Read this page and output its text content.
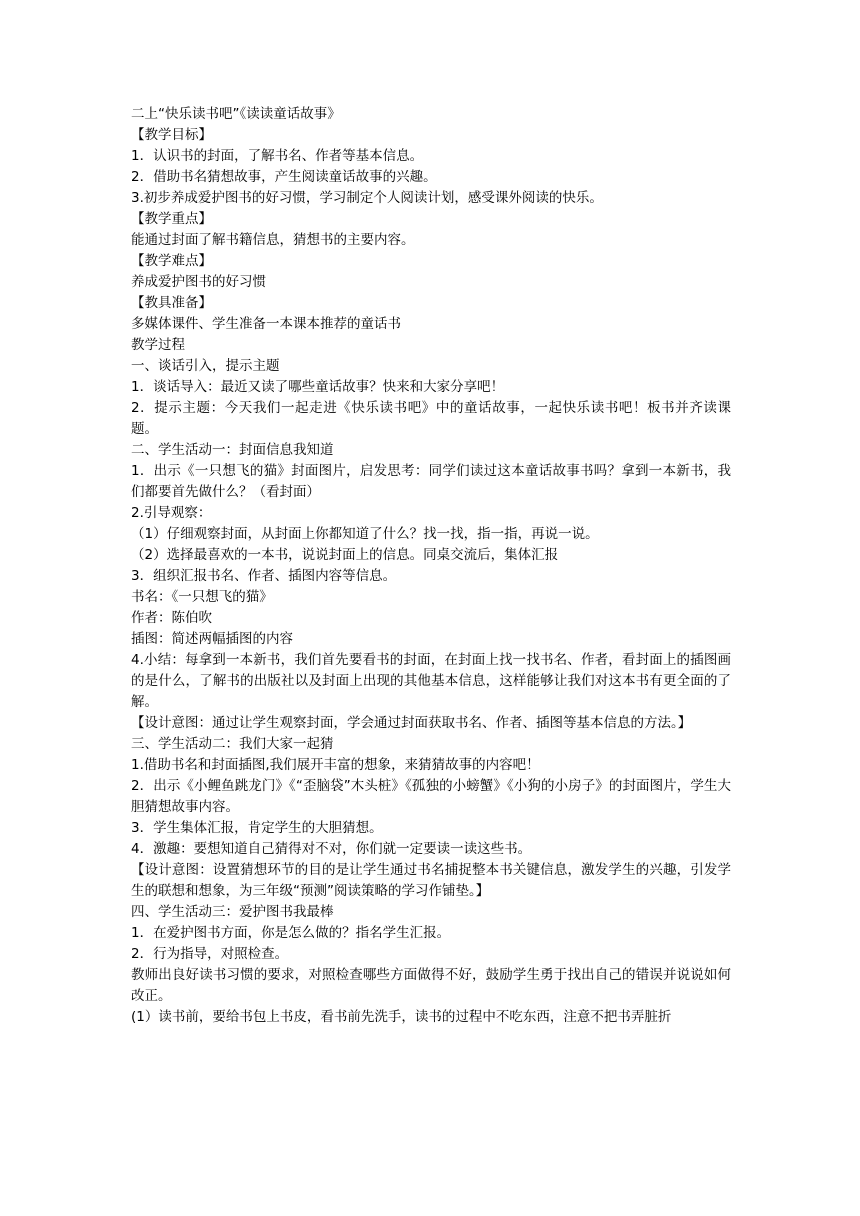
二上“快乐读书吧”《读读童话故事》

【教学目标】

1．认识书的封面，了解书名、作者等基本信息。

2．借助书名猜想故事，产生阅读童话故事的兴趣。

3.初步养成爱护图书的好习惯，学习制定个人阅读计划，感受课外阅读的快乐。

【教学重点】

能通过封面了解书籍信息，猜想书的主要内容。

【教学难点】

养成爱护图书的好习惯

【教具准备】

多媒体课件、学生准备一本课本推荐的童话书

教学过程

一、谈话引入，提示主题

1．谈话导入：最近又读了哪些童话故事？快来和大家分享吧！

2．提示主题：今天我们一起走进《快乐读书吧》中的童话故事，一起快乐读书吧！板书并齐读课题。

二、学生活动一：封面信息我知道

1．出示《一只想飞的猫》封面图片，启发思考：同学们读过这本童话故事书吗？拿到一本新书，我们都要首先做什么？（看封面）

2.引导观察：

（1）仔细观察封面，从封面上你都知道了什么？找一找，指一指，再说一说。

（2）选择最喜欢的一本书，说说封面上的信息。同桌交流后，集体汇报

3．组织汇报书名、作者、插图内容等信息。

书名：《一只想飞的猫》

作者：陈伯吹

插图：简述两幅插图的内容

4.小结：每拿到一本新书，我们首先要看书的封面，在封面上找一找书名、作者，看封面上的插图画的是什么，了解书的出版社以及封面上出现的其他基本信息，这样能够让我们对这本书有更全面的了解。

【设计意图：通过让学生观察封面，学会通过封面获取书名、作者、插图等基本信息的方法。】

三、学生活动二：我们大家一起猜

1.借助书名和封面插图,我们展开丰富的想象，来猜猜故事的内容吧！

2．出示《小鲤鱼跳龙门》《“歪脑袋”木头桩》《孤独的小螃蟹》《小狗的小房子》的封面图片，学生大胆猜想故事内容。

3．学生集体汇报，肯定学生的大胆猜想。

4．激趣：要想知道自己猜得对不对，你们就一定要读一读这些书。

【设计意图：设置猜想环节的目的是让学生通过书名捕捉整本书关键信息，激发学生的兴趣，引发学生的联想和想象，为三年级“预测”阅读策略的学习作铺垫。】

四、学生活动三：爱护图书我最棒

1．在爱护图书方面，你是怎么做的？指名学生汇报。

2．行为指导，对照检查。

教师出良好读书习惯的要求，对照检查哪些方面做得不好，鼓励学生勇于找出自己的错误并说说如何改正。

(1）读书前，要给书包上书皮，看书前先洗手，读书的过程中不吃东西，注意不把书弄脏折
